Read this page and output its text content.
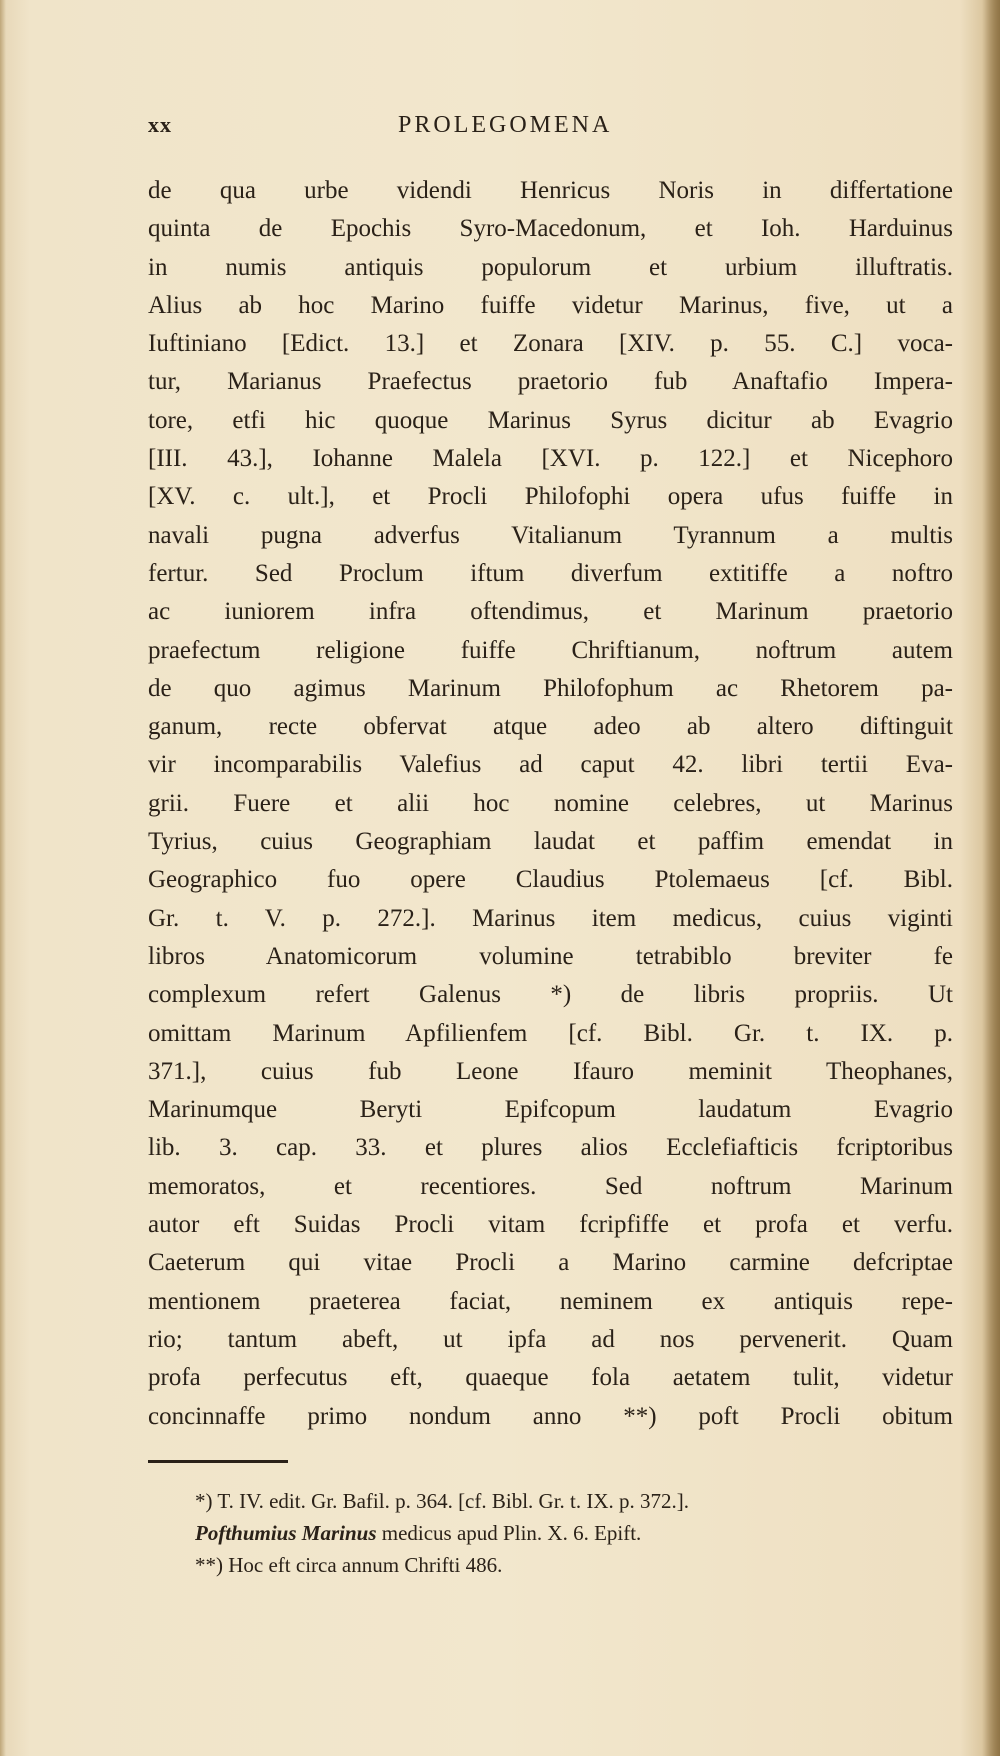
xx	PROLEGOMENA
de qua urbe videndi Henricus Noris in differtatione
quinta de Epochis Syro-Macedonum, et Ioh. Harduinus
in numis antiquis populorum et urbium illuftratis.
Alius ab hoc Marino fuiffe videtur Marinus, five, ut a
Iuftiniano [Edict. 13.] et Zonara [XIV. p. 55. C.] voca-
tur, Marianus Praefectus praetorio fub Anaftafio Impera-
tore, etfi hic quoque Marinus Syrus dicitur ab Evagrio
[III. 43.], Iohanne Malela [XVI. p. 122.] et Nicephoro
[XV. c. ult.], et Procli Philofophi opera ufus fuiffe in
navali pugna adverfus Vitalianum Tyrannum a multis
fertur. Sed Proclum iftum diverfum extitiffe a noftro
ac iuniorem infra oftendimus, et Marinum praetorio
praefectum religione fuiffe Chriftianum, noftrum autem
de quo agimus Marinum Philofophum ac Rhetorem pa-
ganum, recte obfervat atque adeo ab altero diftinguit
vir incomparabilis Valefius ad caput 42. libri tertii Eva-
grii. Fuere et alii hoc nomine celebres, ut Marinus
Tyrius, cuius Geographiam laudat et paffim emendat in
Geographico fuo opere Claudius Ptolemaeus [cf. Bibl.
Gr. t. V. p. 272.]. Marinus item medicus, cuius viginti
libros Anatomicorum volumine tetrabiblo breviter fe
complexum refert Galenus *) de libris propriis. Ut
omittam Marinum Apfilienfem [cf. Bibl. Gr. t. IX. p.
371.], cuius fub Leone Ifauro meminit Theophanes,
Marinumque Beryti Epifcopum laudatum Evagrio
lib. 3. cap. 33. et plures alios Ecclefiafticis fcriptoribus
memoratos, et recentiores. Sed noftrum Marinum
autor eft Suidas Procli vitam fcripfiffe et profa et verfu.
Caeterum qui vitae Procli a Marino carmine defcriptae
mentionem praeterea faciat, neminem ex antiquis repe-
rio; tantum abeft, ut ipfa ad nos pervenerit. Quam
profa perfecutus eft, quaeque fola aetatem tulit, videtur
concinnaffe primo nondum anno **) poft Procli obitum
*) T. IV. edit. Gr. Bafil. p. 364. [cf. Bibl. Gr. t. IX. p. 372.].
Pofthumius Marinus medicus apud Plin. X. 6. Epift.
**) Hoc eft circa annum Chrifti 486.
